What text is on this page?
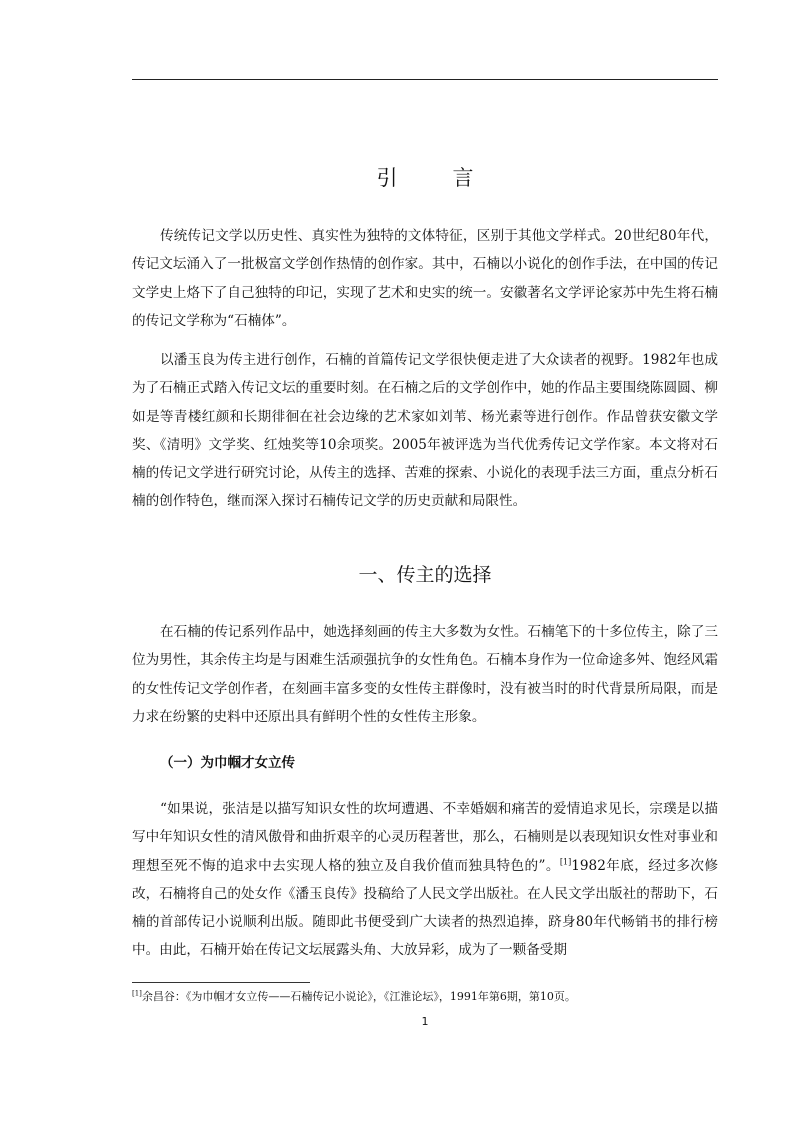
引　言

传统传记文学以历史性、真实性为独特的文体特征，区别于其他文学样式。20世纪80年代，传记文坛涌入了一批极富文学创作热情的创作家。其中，石楠以小说化的创作手法，在中国的传记文学史上烙下了自己独特的印记，实现了艺术和史实的统一。安徽著名文学评论家苏中先生将石楠的传记文学称为“石楠体”。

以潘玉良为传主进行创作，石楠的首篇传记文学很快便走进了大众读者的视野。1982年也成为了石楠正式踏入传记文坛的重要时刻。在石楠之后的文学创作中，她的作品主要围绕陈圆圆、柳如是等青楼红颜和长期徘徊在社会边缘的艺术家如刘苇、杨光素等进行创作。作品曾获安徽文学奖、《清明》文学奖、红烛奖等10余项奖。2005年被评选为当代优秀传记文学作家。本文将对石楠的传记文学进行研究讨论，从传主的选择、苦难的探索、小说化的表现手法三方面，重点分析石楠的创作特色，继而深入探讨石楠传记文学的历史贡献和局限性。

一、传主的选择

在石楠的传记系列作品中，她选择刻画的传主大多数为女性。石楠笔下的十多位传主，除了三位为男性，其余传主均是与困难生活顽强抗争的女性角色。石楠本身作为一位命途多舛、饱经风霜的女性传记文学创作者，在刻画丰富多变的女性传主群像时，没有被当时的时代背景所局限，而是力求在纷繁的史料中还原出具有鲜明个性的女性传主形象。

（一）为巾帼才女立传

“如果说，张洁是以描写知识女性的坎坷遭遇、不幸婚姻和痛苦的爱情追求见长，宗璞是以描写中年知识女性的清风傲骨和曲折艰辛的心灵历程著世，那么，石楠则是以表现知识女性对事业和理想至死不悔的追求中去实现人格的独立及自我价值而独具特色的”。[1]1982年底，经过多次修改，石楠将自己的处女作《潘玉良传》投稿给了人民文学出版社。在人民文学出版社的帮助下，石楠的首部传记小说顺利出版。随即此书便受到广大读者的热烈追捧，跻身80年代畅销书的排行榜中。由此，石楠开始在传记文坛展露头角、大放异彩，成为了一颗备受期

[1]余昌谷：《为巾帼才女立传——石楠传记小说论》，《江淮论坛》，1991年第6期，第10页。
1
